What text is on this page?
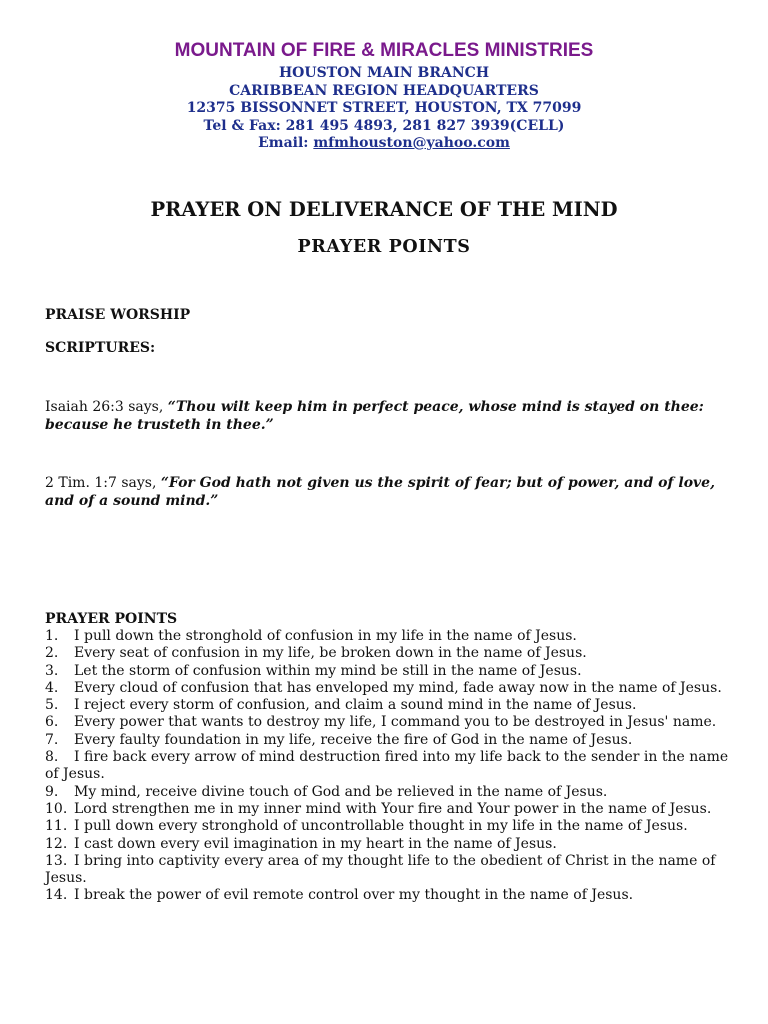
MOUNTAIN OF FIRE & MIRACLES MINISTRIES
HOUSTON MAIN BRANCH
CARIBBEAN REGION HEADQUARTERS
12375 BISSONNET STREET, HOUSTON, TX 77099
Tel & Fax: 281 495 4893, 281 827 3939(CELL)
Email: mfmhouston@yahoo.com
PRAYER ON DELIVERANCE OF THE MIND
PRAYER POINTS
PRAISE WORSHIP
SCRIPTURES:
Isaiah 26:3 says, “Thou wilt keep him in perfect peace, whose mind is stayed on thee: because he trusteth in thee.”
2 Tim. 1:7 says, “For God hath not given us the spirit of fear; but of power, and of love, and of a sound mind.”
PRAYER POINTS
1. I pull down the stronghold of confusion in my life in the name of Jesus.
2. Every seat of confusion in my life, be broken down in the name of Jesus.
3. Let the storm of confusion within my mind be still in the name of Jesus.
4. Every cloud of confusion that has enveloped my mind, fade away now in the name of Jesus.
5. I reject every storm of confusion, and claim a sound mind in the name of Jesus.
6. Every power that wants to destroy my life, I command you to be destroyed in Jesus' name.
7. Every faulty foundation in my life, receive the fire of God in the name of Jesus.
8. I fire back every arrow of mind destruction fired into my life back to the sender in the name of Jesus.
9. My mind, receive divine touch of God and be relieved in the name of Jesus.
10. Lord strengthen me in my inner mind with Your fire and Your power in the name of Jesus.
11. I pull down every stronghold of uncontrollable thought in my life in the name of Jesus.
12. I cast down every evil imagination in my heart in the name of Jesus.
13. I bring into captivity every area of my thought life to the obedient of Christ in the name of Jesus.
14. I break the power of evil remote control over my thought in the name of Jesus.
